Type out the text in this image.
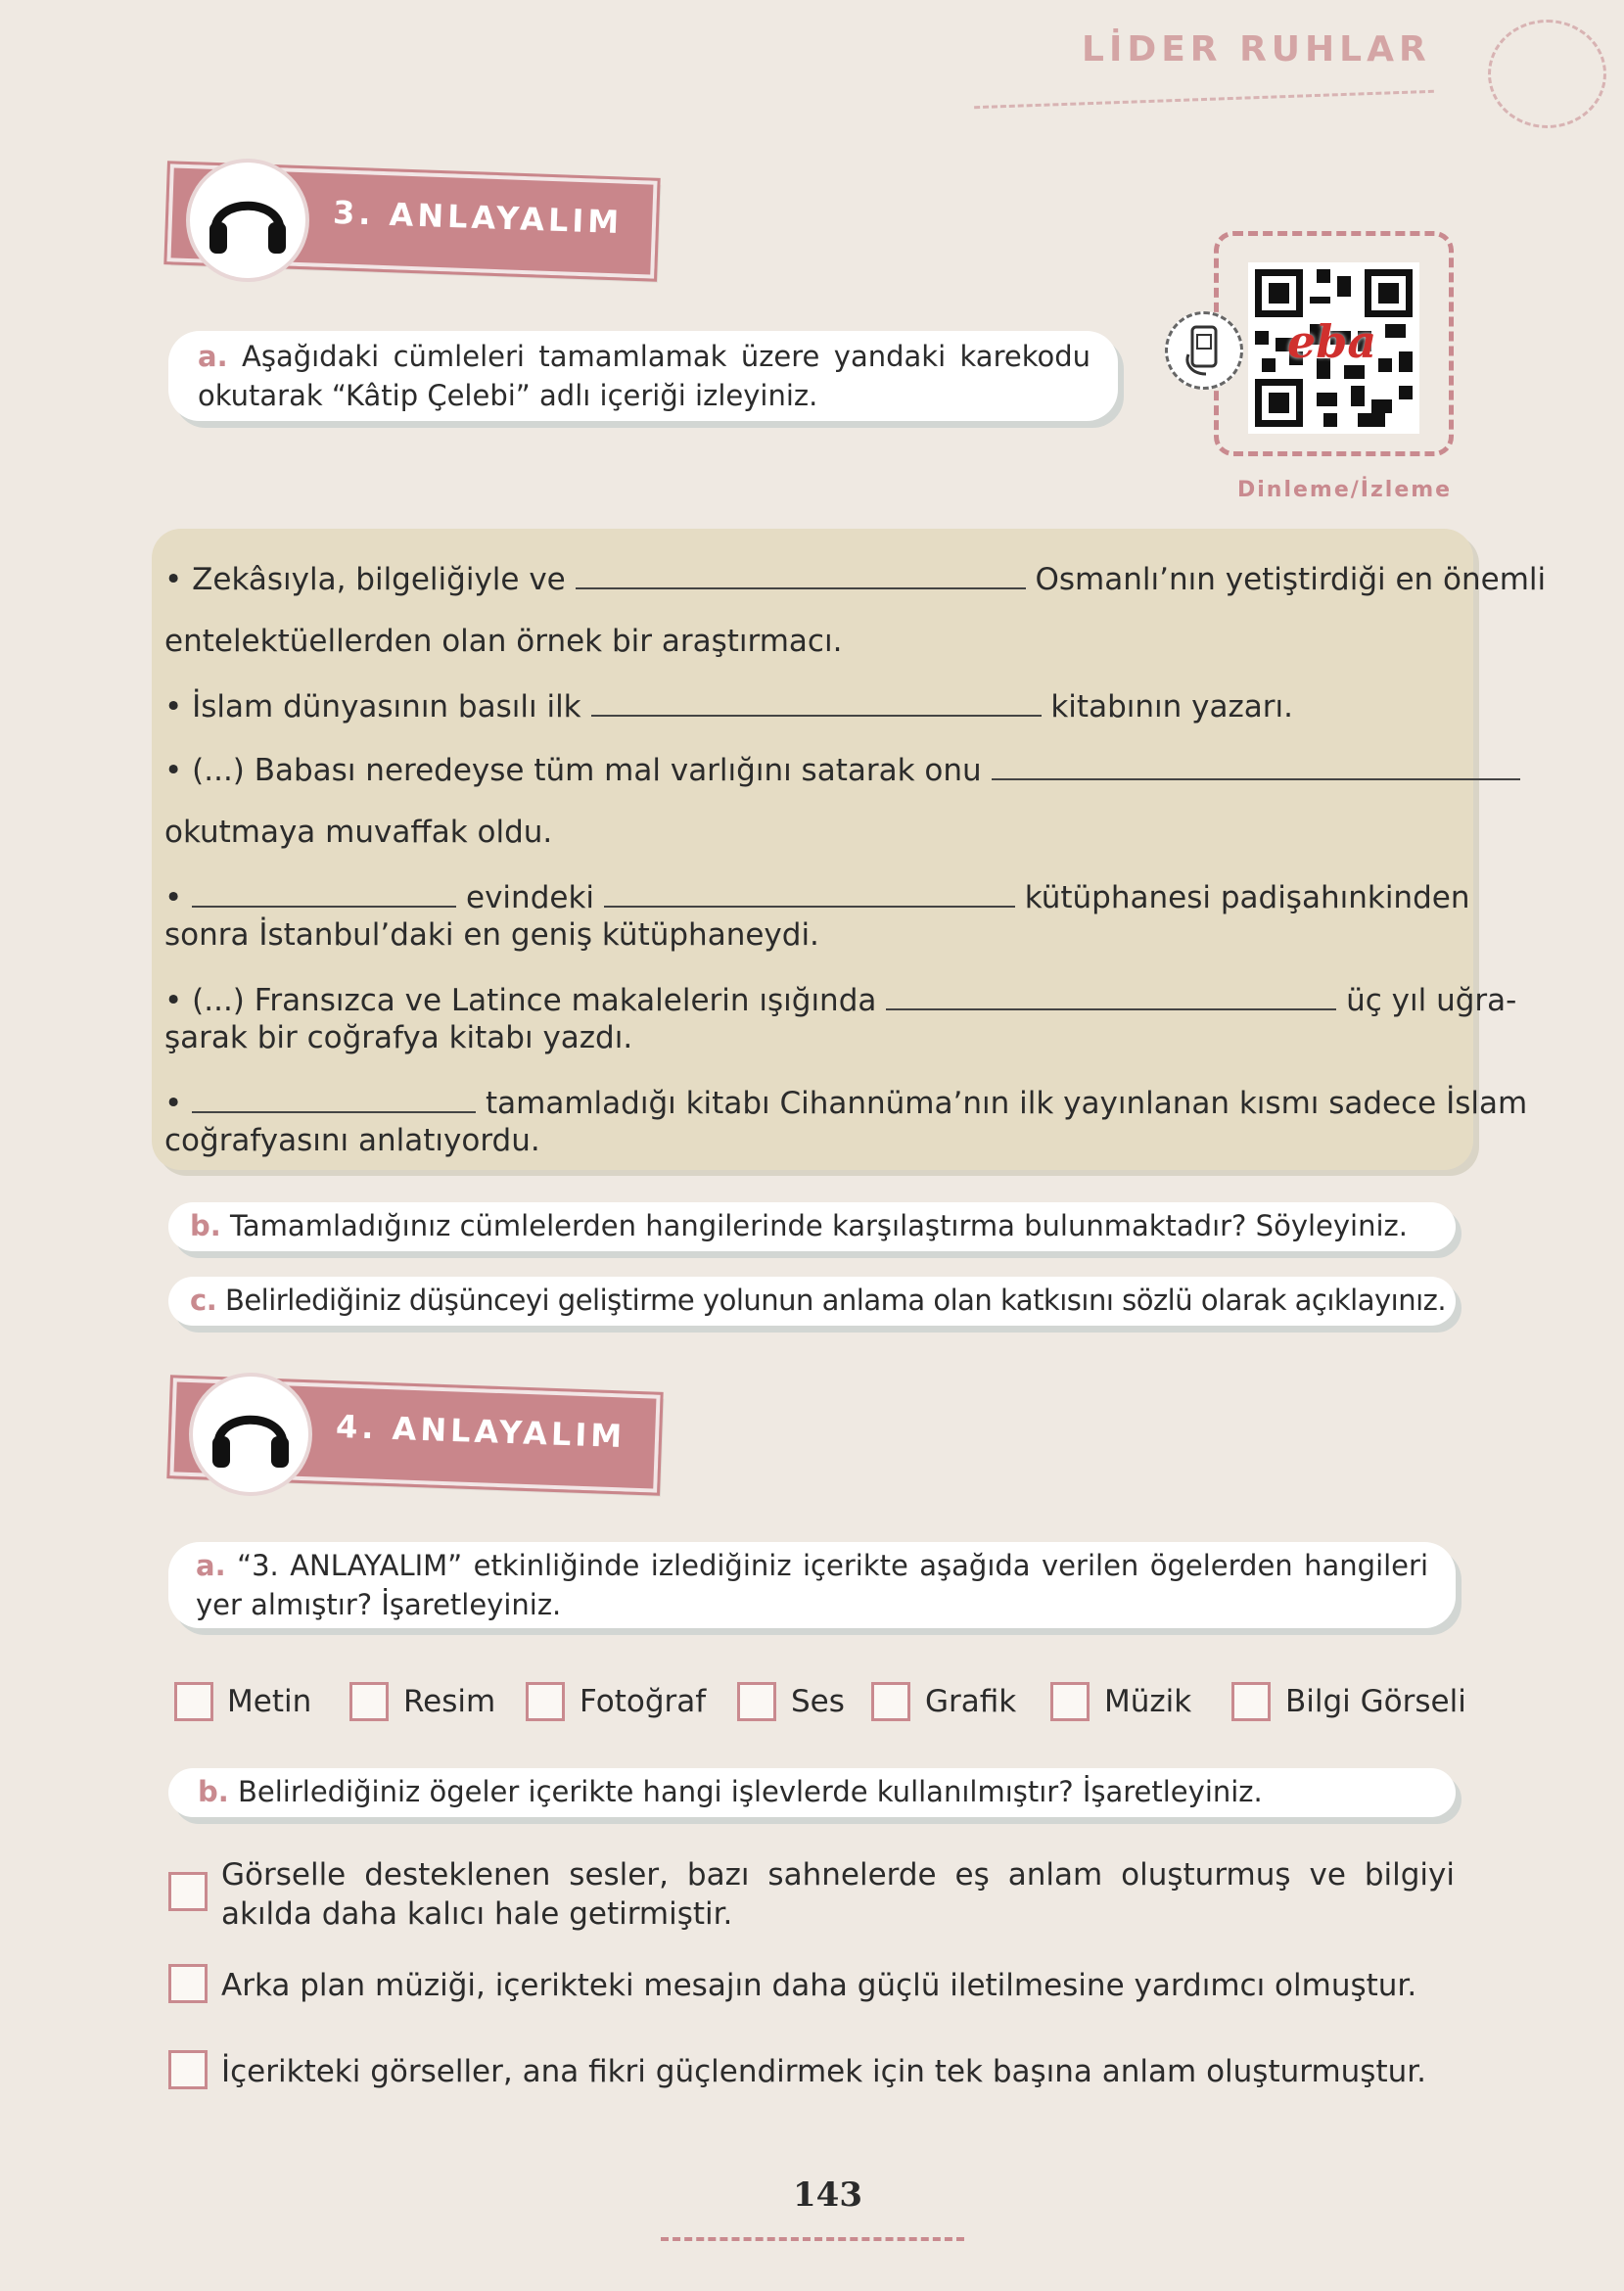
LİDER RUHLAR
3. ANLAYALIM
a. Aşağıdaki cümleleri tamamlamak üzere yandaki karekodu okutarak “Kâtip Çelebi” adlı içeriği izleyiniz.
eba
Dinleme/İzleme
• Zekâsıyla, bilgeliğiyle ve	Osmanlı’nın yetiştirdiği en önemli
entelektüellerden olan örnek bir araştırmacı.
• İslam dünyasının basılı ilk	kitabının yazarı.
• (...) Babası neredeyse tüm mal varlığını satarak onu
okutmaya muvaffak oldu.
•	evindeki	kütüphanesi padişahınkinden
sonra İstanbul’daki en geniş kütüphaneydi.
• (...) Fransızca ve Latince makalelerin ışığında	üç yıl uğra-
şarak bir coğrafya kitabı yazdı.
•	tamamladığı kitabı Cihannüma’nın ilk yayınlanan kısmı sadece İslam
coğrafyasını anlatıyordu.
b. Tamamladığınız cümlelerden hangilerinde karşılaştırma bulunmaktadır? Söyleyiniz.
c. Belirlediğiniz düşünceyi geliştirme yolunun anlama olan katkısını sözlü olarak açıklayınız.
4. ANLAYALIM
a. “3. ANLAYALIM” etkinliğinde izlediğiniz içerikte aşağıda verilen ögelerden hangileri yer almıştır? İşaretleyiniz.
Metin	Resim	Fotoğraf	Ses	Grafik	Müzik	Bilgi Görseli
b. Belirlediğiniz ögeler içerikte hangi işlevlerde kullanılmıştır? İşaretleyiniz.
Görselle desteklenen sesler, bazı sahnelerde eş anlam oluşturmuş ve bilgiyi akılda daha kalıcı hale getirmiştir.
Arka plan müziği, içerikteki mesajın daha güçlü iletilmesine yardımcı olmuştur.
İçerikteki görseller, ana fikri güçlendirmek için tek başına anlam oluşturmuştur.
143
